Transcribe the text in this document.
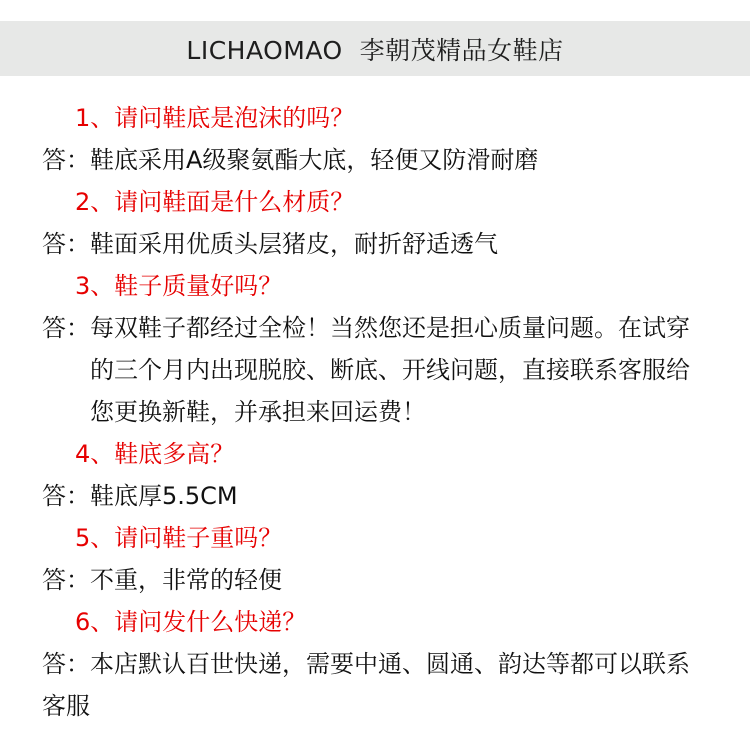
LICHAOMAO  李朝茂精品女鞋店
1、请问鞋底是泡沫的吗？
答：鞋底采用A级聚氨酯大底，轻便又防滑耐磨
2、请问鞋面是什么材质？
答：鞋面采用优质头层猪皮，耐折舒适透气
3、鞋子质量好吗？
答：每双鞋子都经过全检！当然您还是担心质量问题。在试穿
的三个月内出现脱胶、断底、开线问题，直接联系客服给
您更换新鞋，并承担来回运费！
4、鞋底多高？
答：鞋底厚5.5CM
5、请问鞋子重吗？
答：不重，非常的轻便
6、请问发什么快递？
答：本店默认百世快递，需要中通、圆通、韵达等都可以联系
客服
